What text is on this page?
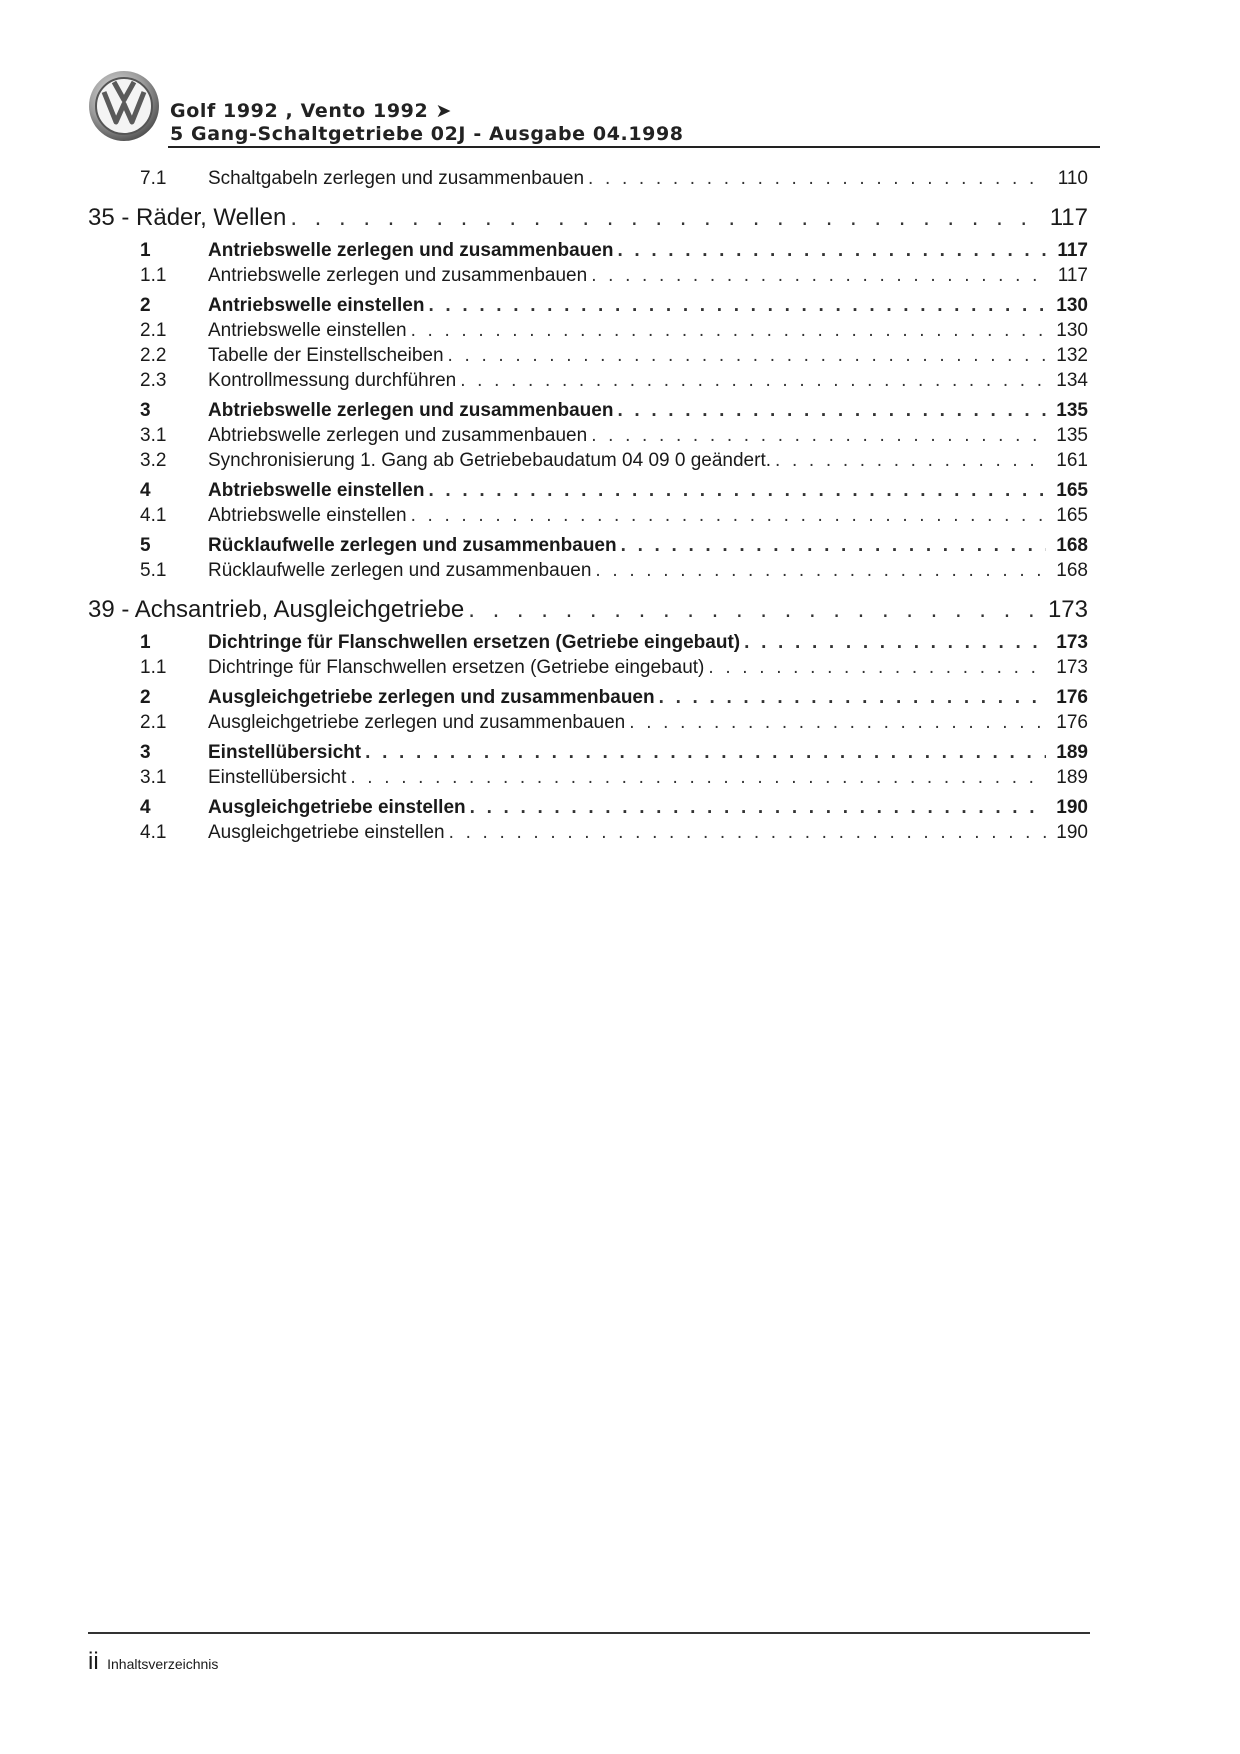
Golf 1992 , Vento 1992 ➤
5 Gang-Schaltgetriebe 02J - Ausgabe 04.1998
7.1	Schaltgabeln zerlegen und zusammenbauen . . .	110
35 - Räder, Wellen . . .	117
1	Antriebswelle zerlegen und zusammenbauen . . .	117
1.1	Antriebswelle zerlegen und zusammenbauen . . .	117
2	Antriebswelle einstellen . . .	130
2.1	Antriebswelle einstellen . . .	130
2.2	Tabelle der Einstellscheiben . . .	132
2.3	Kontrollmessung durchführen . . .	134
3	Abtriebswelle zerlegen und zusammenbauen . . .	135
3.1	Abtriebswelle zerlegen und zusammenbauen . . .	135
3.2	Synchronisierung 1. Gang ab Getriebebaudatum 04 09 0 geändert. . . .	161
4	Abtriebswelle einstellen . . .	165
4.1	Abtriebswelle einstellen . . .	165
5	Rücklaufwelle zerlegen und zusammenbauen . . .	168
5.1	Rücklaufwelle zerlegen und zusammenbauen . . .	168
39 - Achsantrieb, Ausgleichgetriebe . . .	173
1	Dichtringe für Flanschwellen ersetzen (Getriebe eingebaut) . . .	173
1.1	Dichtringe für Flanschwellen ersetzen (Getriebe eingebaut) . . .	173
2	Ausgleichgetriebe zerlegen und zusammenbauen . . .	176
2.1	Ausgleichgetriebe zerlegen und zusammenbauen . . .	176
3	Einstellübersicht . . .	189
3.1	Einstellübersicht . . .	189
4	Ausgleichgetriebe einstellen . . .	190
4.1	Ausgleichgetriebe einstellen . . .	190
ii Inhaltsverzeichnis
